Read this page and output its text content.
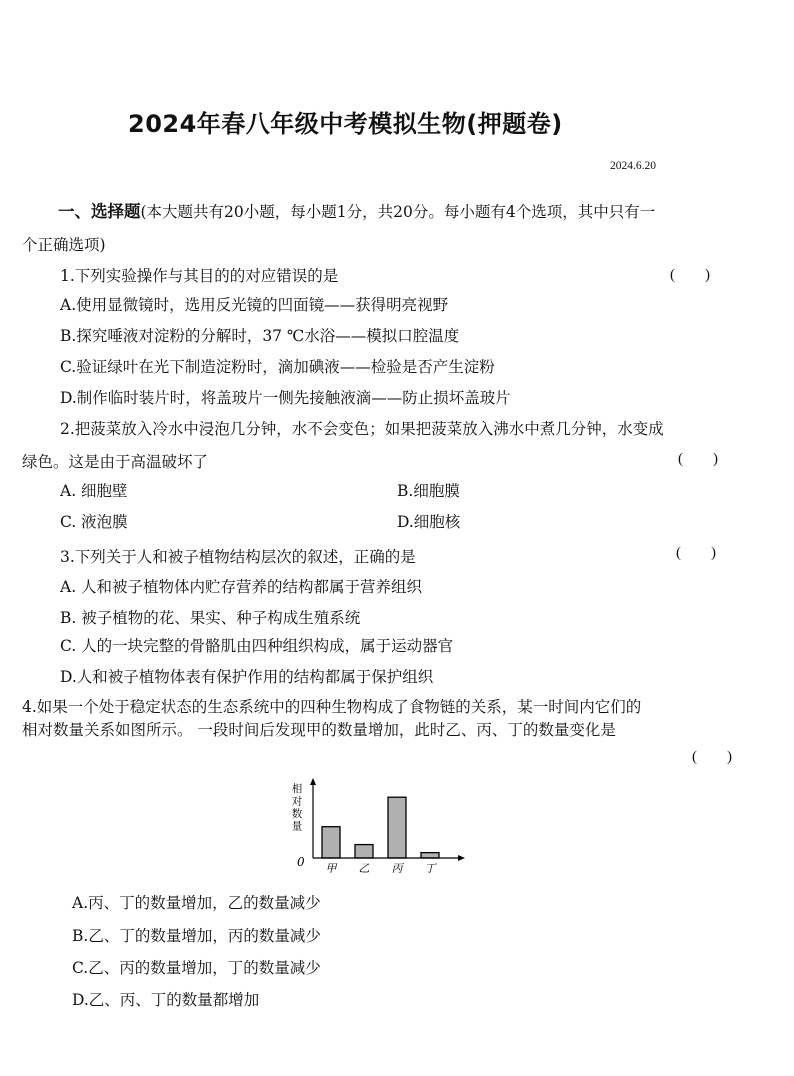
2024年春八年级中考模拟生物(押题卷)
2024.6.20
一、选择题(本大题共有20小题，每小题1分，共20分。每小题有4个选项，其中只有一
个正确选项)
1.下列实验操作与其目的的对应错误的是	(　　)
A.使用显微镜时，选用反光镜的凹面镜——获得明亮视野
B.探究唾液对淀粉的分解时，37 ℃水浴——模拟口腔温度
C.验证绿叶在光下制造淀粉时，滴加碘液——检验是否产生淀粉
D.制作临时装片时，将盖玻片一侧先接触液滴——防止损坏盖玻片
2.把菠菜放入冷水中浸泡几分钟，水不会变色；如果把菠菜放入沸水中煮几分钟，水变成
绿色。这是由于高温破坏了	(　　)
A. 细胞壁	B.细胞膜
C. 液泡膜	D.细胞核
3.下列关于人和被子植物结构层次的叙述，正确的是	(　　)
A. 人和被子植物体内贮存营养的结构都属于营养组织
B. 被子植物的花、果实、种子构成生殖系统
C. 人的一块完整的骨骼肌由四种组织构成，属于运动器官
D.人和被子植物体表有保护作用的结构都属于保护组织
4.如果一个处于稳定状态的生态系统中的四种生物构成了食物链的关系，某一时间内它们的
相对数量关系如图所示。 一段时间后发现甲的数量增加，此时乙、丙、丁的数量变化是
(　　)
甲 乙 丙 丁
0
相对数量
A.丙、丁的数量增加，乙的数量减少
B.乙、丁的数量增加，丙的数量减少
C.乙、丙的数量增加，丁的数量减少
D.乙、丙、丁的数量都增加
